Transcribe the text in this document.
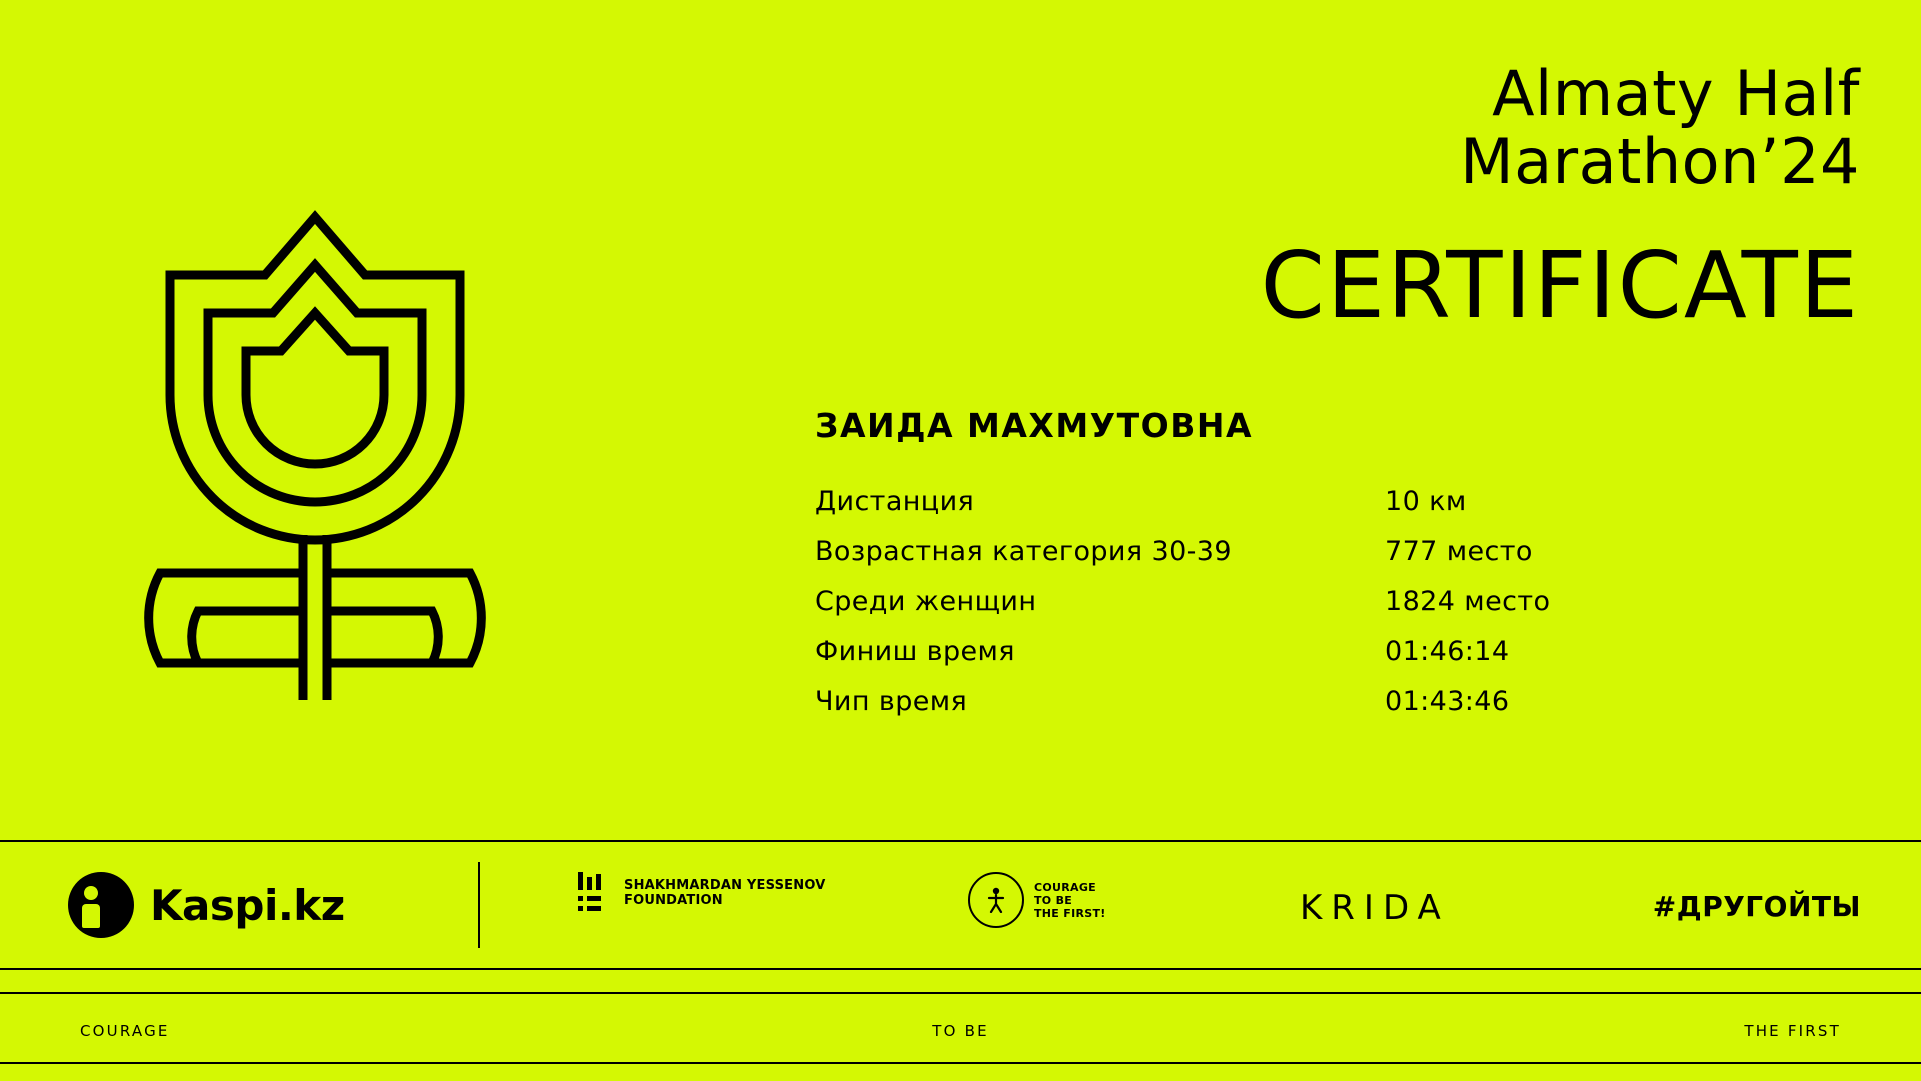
Almaty Half
Marathon’24
CERTIFICATE
ЗАИДА МАХМУТОВНА
Дистанция	10 км
Возрастная категория 30-39	777 место
Среди женщин	1824 место
Финиш время	01:46:14
Чип время	01:43:46
Kaspi.kz	SHAKHMARDAN YESSENOV
FOUNDATION
COURAGE
TO BE
THE FIRST!	KRIDA	#ДРУГОЙТЫ
COURAGE	TO BE	THE FIRST
